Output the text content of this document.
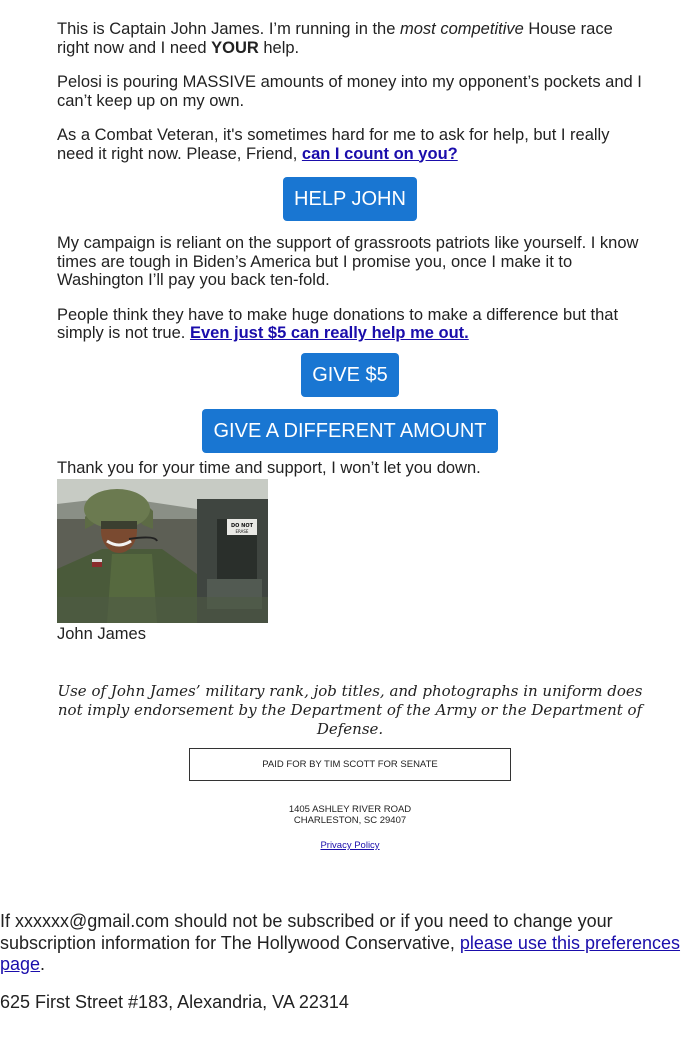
This is Captain John James. I’m running in the most competitive House race right now and I need YOUR help.

Pelosi is pouring MASSIVE amounts of money into my opponent’s pockets and I can’t keep up on my own.

As a Combat Veteran, it's sometimes hard for me to ask for help, but I really need it right now. Please, Friend, can I count on you?

HELP JOHN

My campaign is reliant on the support of grassroots patriots like yourself. I know times are tough in Biden’s America but I promise you, once I make it to Washington I’ll pay you back ten-fold.

People think they have to make huge donations to make a difference but that simply is not true. Even just $5 can really help me out.

GIVE $5
GIVE A DIFFERENT AMOUNT
Thank you for your time and support, I won’t let you down.
DO NOT
ERASE
John James
Use of John James’ military rank, job titles, and photographs in uniform does not imply endorsement by the Department of the Army or the Department of Defense.
PAID FOR BY TIM SCOTT FOR SENATE
1405 ASHLEY RIVER ROAD
CHARLESTON, SC 29407
Privacy Policy
If xxxxxx@gmail.com should not be subscribed or if you need to change your subscription information for The Hollywood Conservative, please use this preferences page.
625 First Street #183, Alexandria, VA 22314
